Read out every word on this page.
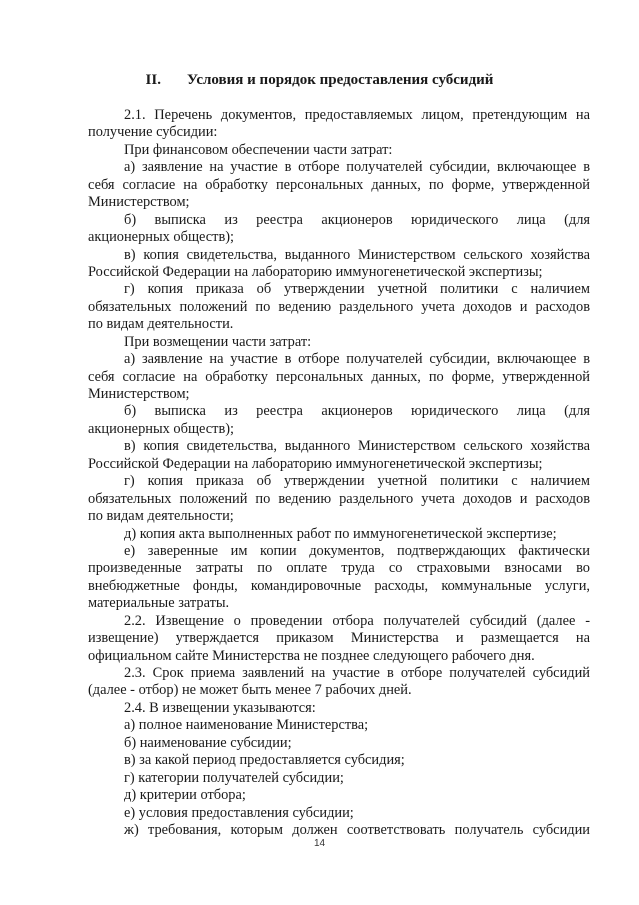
II. Условия и порядок предоставления субсидий
2.1. Перечень документов, предоставляемых лицом, претендующим на
получение субсидии:
При финансовом обеспечении части затрат:
а) заявление на участие в отборе получателей субсидии, включающее в
себя согласие на обработку персональных данных, по форме, утвержденной
Министерством;
б) выписка из реестра акционеров юридического лица (для
акционерных обществ);
в) копия свидетельства, выданного Министерством сельского хозяйства
Российской Федерации на лабораторию иммуногенетической экспертизы;
г) копия приказа об утверждении учетной политики с наличием
обязательных положений по ведению раздельного учета доходов и расходов
по видам деятельности.
При возмещении части затрат:
а) заявление на участие в отборе получателей субсидии, включающее в
себя согласие на обработку персональных данных, по форме, утвержденной
Министерством;
б) выписка из реестра акционеров юридического лица (для
акционерных обществ);
в) копия свидетельства, выданного Министерством сельского хозяйства
Российской Федерации на лабораторию иммуногенетической экспертизы;
г) копия приказа об утверждении учетной политики с наличием
обязательных положений по ведению раздельного учета доходов и расходов
по видам деятельности;
д) копия акта выполненных работ по иммуногенетической экспертизе;
е) заверенные им копии документов, подтверждающих фактически
произведенные затраты по оплате труда со страховыми взносами во
внебюджетные фонды, командировочные расходы, коммунальные услуги,
материальные затраты.
2.2. Извещение о проведении отбора получателей субсидий (далее -
извещение) утверждается приказом Министерства и размещается на
официальном сайте Министерства не позднее следующего рабочего дня.
2.3. Срок приема заявлений на участие в отборе получателей субсидий
(далее - отбор) не может быть менее 7 рабочих дней.
2.4. В извещении указываются:
а) полное наименование Министерства;
б) наименование субсидии;
в) за какой период предоставляется субсидия;
г) категории получателей субсидии;
д) критерии отбора;
е) условия предоставления субсидии;
ж) требования, которым должен соответствовать получатель субсидии
14
